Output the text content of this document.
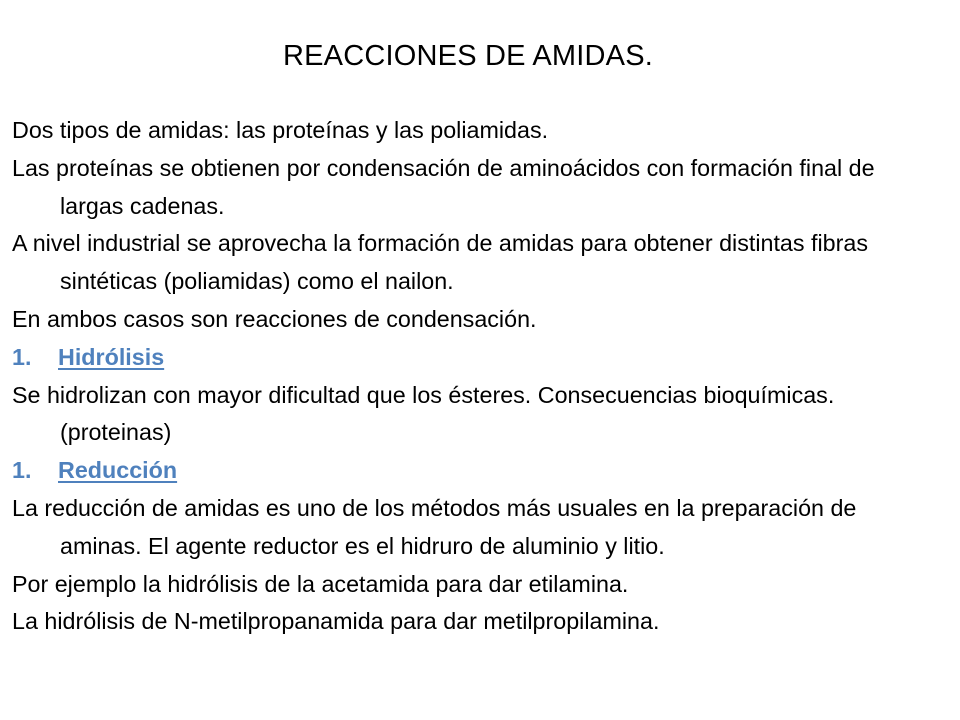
REACCIONES DE AMIDAS.

Dos tipos de amidas: las proteínas y las poliamidas.

Las proteínas se obtienen por condensación de aminoácidos con formación final de largas cadenas.

A nivel industrial se aprovecha la formación de amidas para obtener distintas fibras sintéticas (poliamidas) como el nailon.

En ambos casos son reacciones de condensación.

1.	Hidrólisis

Se hidrolizan con mayor dificultad que los ésteres. Consecuencias bioquímicas. (proteinas)

1.	Reducción

La reducción de amidas es uno de los métodos más usuales en la preparación de aminas. El agente reductor es el hidruro de aluminio y litio.

Por ejemplo la hidrólisis de la acetamida para dar etilamina.

La hidrólisis de N-metilpropanamida para dar metilpropilamina.
